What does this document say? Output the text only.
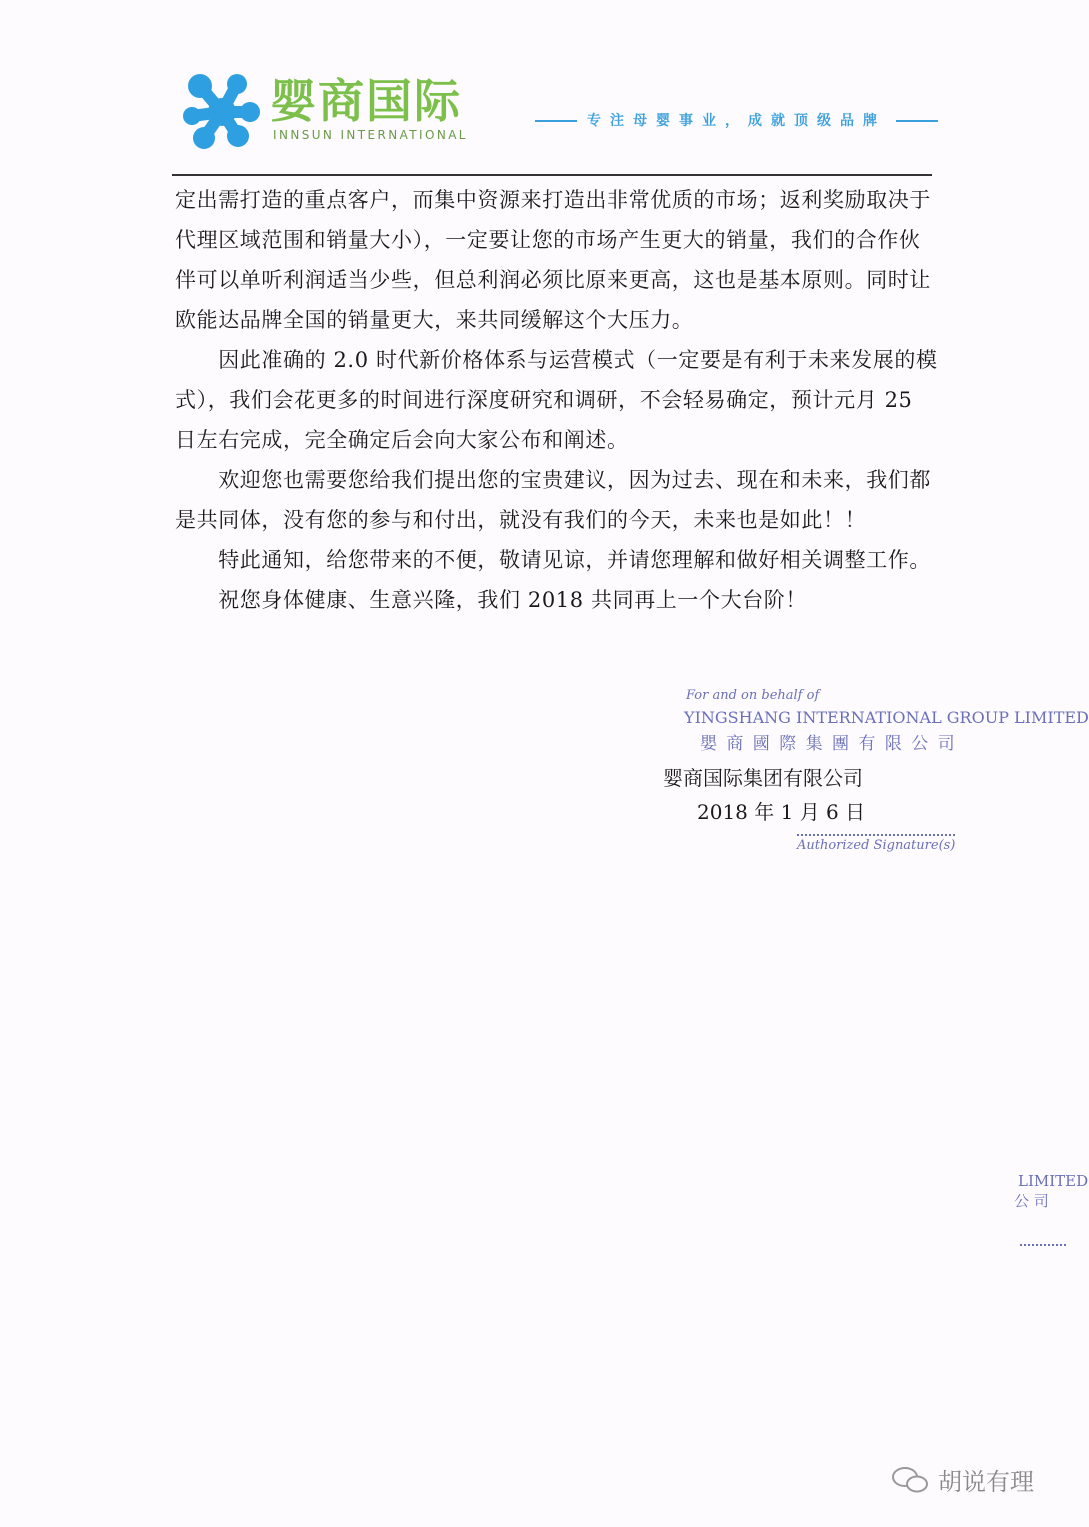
婴商国际
INNSUN INTERNATIONAL
专注母婴事业，成就顶级品牌
定出需打造的重点客户，而集中资源来打造出非常优质的市场；返利奖励取决于
代理区域范围和销量大小），一定要让您的市场产生更大的销量，我们的合作伙
伴可以单听利润适当少些，但总利润必须比原来更高，这也是基本原则。同时让
欧能达品牌全国的销量更大，来共同缓解这个大压力。
　　因此准确的 2.0 时代新价格体系与运营模式（一定要是有利于未来发展的模
式），我们会花更多的时间进行深度研究和调研，不会轻易确定，预计元月 25
日左右完成，完全确定后会向大家公布和阐述。
　　欢迎您也需要您给我们提出您的宝贵建议，因为过去、现在和未来，我们都
是共同体，没有您的参与和付出，就没有我们的今天，未来也是如此！！
　　特此通知，给您带来的不便，敬请见谅，并请您理解和做好相关调整工作。
　　祝您身体健康、生意兴隆，我们 2018 共同再上一个大台阶！
For and on behalf of
YINGSHANG INTERNATIONAL GROUP LIMITED
嬰 商 國 際 集 團 有 限 公 司
Authorized Signature(s)
LIMITED
公 司
婴商国际集团有限公司
2018 年 1 月 6 日
胡说有理
